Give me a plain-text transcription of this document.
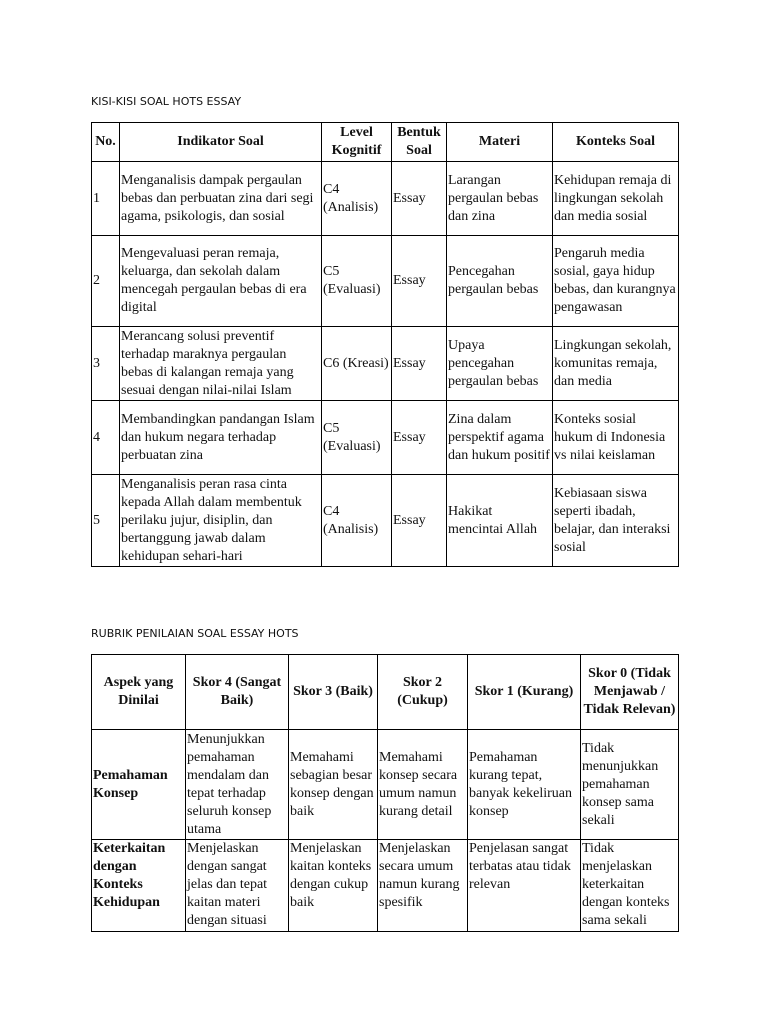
KISI-KISI SOAL HOTS ESSAY
No.	Indikator Soal	Level Kognitif	Bentuk Soal	Materi	Konteks Soal
1	Menganalisis dampak pergaulan bebas dan perbuatan zina dari segi agama, psikologis, dan sosial	C4 (Analisis)	Essay	Larangan pergaulan bebas dan zina	Kehidupan remaja di lingkungan sekolah dan media sosial
2	Mengevaluasi peran remaja, keluarga, dan sekolah dalam mencegah pergaulan bebas di era digital	C5 (Evaluasi)	Essay	Pencegahan pergaulan bebas	Pengaruh media sosial, gaya hidup bebas, dan kurangnya pengawasan
3	Merancang solusi preventif terhadap maraknya pergaulan bebas di kalangan remaja yang sesuai dengan nilai-nilai Islam	C6 (Kreasi)	Essay	Upaya pencegahan pergaulan bebas	Lingkungan sekolah, komunitas remaja, dan media
4	Membandingkan pandangan Islam dan hukum negara terhadap perbuatan zina	C5 (Evaluasi)	Essay	Zina dalam perspektif agama dan hukum positif	Konteks sosial hukum di Indonesia vs nilai keislaman
5	Menganalisis peran rasa cinta kepada Allah dalam membentuk perilaku jujur, disiplin, dan bertanggung jawab dalam kehidupan sehari-hari	C4 (Analisis)	Essay	Hakikat mencintai Allah	Kebiasaan siswa seperti ibadah, belajar, dan interaksi sosial
RUBRIK PENILAIAN SOAL ESSAY HOTS
Aspek yang Dinilai	Skor 4 (Sangat Baik)	Skor 3 (Baik)	Skor 2 (Cukup)	Skor 1 (Kurang)	Skor 0 (Tidak Menjawab / Tidak Relevan)
Pemahaman Konsep	Menunjukkan pemahaman mendalam dan tepat terhadap seluruh konsep utama	Memahami sebagian besar konsep dengan baik	Memahami konsep secara umum namun kurang detail	Pemahaman kurang tepat, banyak kekeliruan konsep	Tidak menunjukkan pemahaman konsep sama sekali
Keterkaitan dengan Konteks Kehidupan	Menjelaskan dengan sangat jelas dan tepat kaitan materi dengan situasi	Menjelaskan kaitan konteks dengan cukup baik	Menjelaskan secara umum namun kurang spesifik	Penjelasan sangat terbatas atau tidak relevan	Tidak menjelaskan keterkaitan dengan konteks sama sekali
